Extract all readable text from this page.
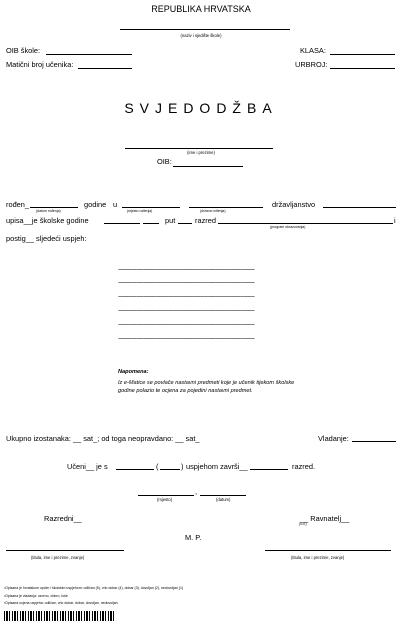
REPUBLIKA HRVATSKA
(naziv i sjedište škole)
OIB škole:
Matični broj učenika:
KLASA:
URBROJ:
SVJEDODŽBA
(ime i prezime)
OIB:
rođen_
(datum rođenja)
godine u
(mjesto rođenja)	(država rođenja)
državljanstvo
upisa__je školske godine	put	razred
(program obrazovanja)
i
postig__ sljedeći uspjeh:
~~~~~~~~~~~~~~~~~~~~~~~~~~~~~~~~~~~~~~
~~~~~~~~~~~~~~~~~~~~~~~~~~~~~~~~~~~~~~
~~~~~~~~~~~~~~~~~~~~~~~~~~~~~~~~~~~~~~
~~~~~~~~~~~~~~~~~~~~~~~~~~~~~~~~~~~~~~
~~~~~~~~~~~~~~~~~~~~~~~~~~~~~~~~~~~~~~
~~~~~~~~~~~~~~~~~~~~~~~~~~~~~~~~~~~~~~
Napomena:
Iz e-Matice se povlače nastavni predmeti koje je učenik tijekom školske godine polazio te ocjena za pojedini nastavni predmet.
Ukupno izostanaka: __ sat_; od toga neopravdano: __ sat_	Vladanje:
Učeni__ je s	(	) uspjehom završi__	razred.
,
(mjesto)	(datum)
Razredni__	__ Ravnatelj__
(v.d.)
M. P.
(titula, ime i prezime, zvanje)	(titula, ime i prezime, zvanje)
¹Opisana je hrvatskom općim i školskim uspjehom: odličan (5), vrlo dobar (4), dobar (3), dovoljan (2), nedovoljan (1)
²Opisana je vladanja: uzorno, dobro, loše
³Opisana ocjena uspjeha: odličan, vrlo dobar, dobar, dovoljan, nedovoljan
